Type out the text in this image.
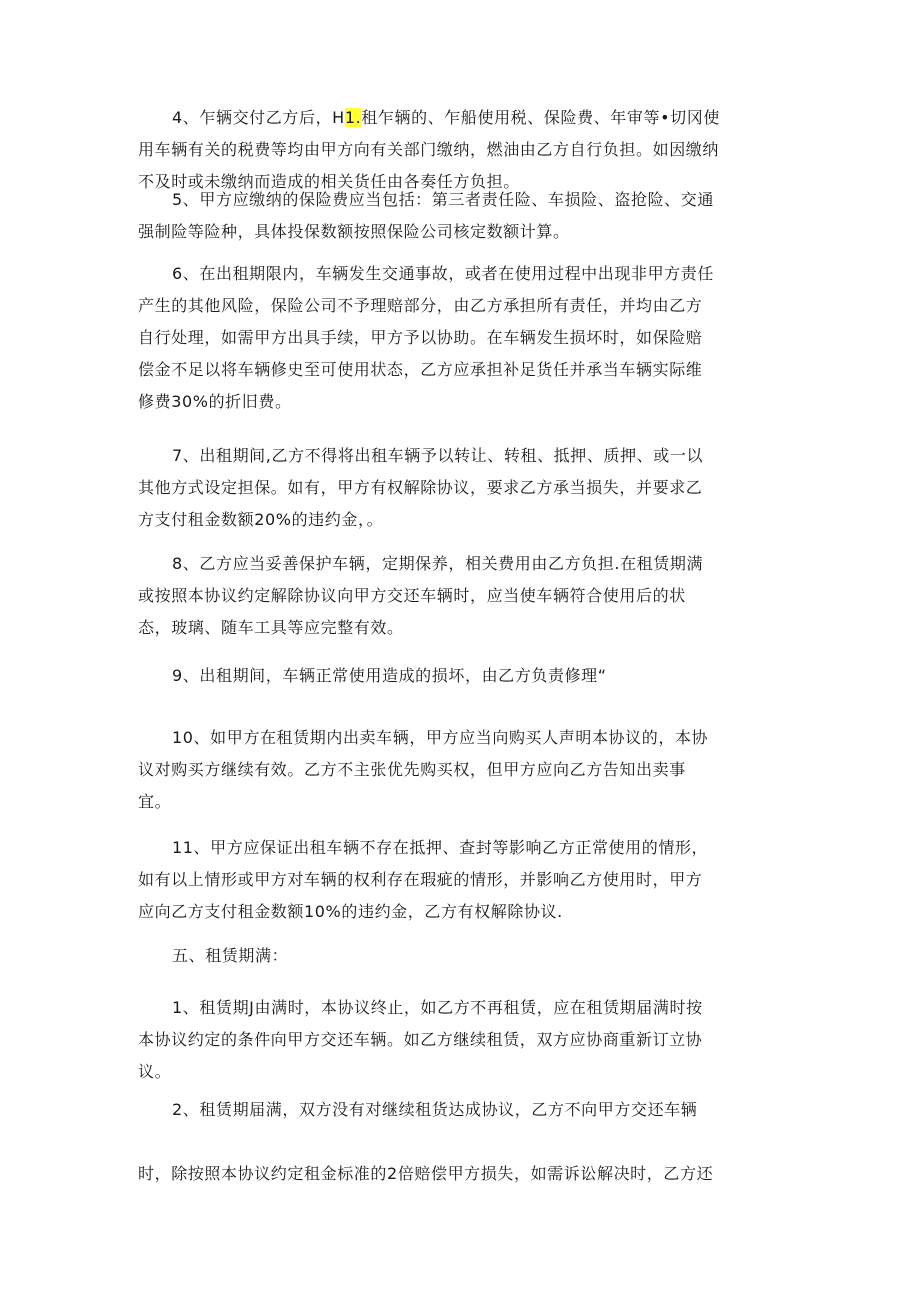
4、乍辆交付乙方后，H1.租乍辆的、乍船使用税、保险费、年审等•切冈使
用车辆有关的税费等均由甲方向有关部门缴纳，燃油由乙方自行负担。如因缴纳
不及时或未缴纳而造成的相关货任由各奏任方负担。
5、甲方应缴纳的保险费应当包括：第三者责任险、车损险、盗抢险、交通
强制险等险种，具体投保数额按照保险公司核定数额计算。
6、在出租期限内，车辆发生交通事故，或者在使用过程中出现非甲方责任
产生的其他风险，保险公司不予理赔部分，由乙方承担所有责任，并均由乙方
自行处理，如需甲方出具手续，甲方予以协助。在车辆发生损坏时，如保险赔
偿金不足以将车辆修史至可使用状态，乙方应承担补足货任并承当车辆实际维
修费30%的折旧费。
7、出租期间,乙方不得将出租车辆予以转让、转租、抵押、质押、或一以
其他方式设定担保。如有，甲方有权解除协议，要求乙方承当损失，并要求乙
方支付租金数额20%的违约金，。
8、乙方应当妥善保护车辆，定期保养，相关费用由乙方负担.在租赁期满
或按照本协议约定解除协议向甲方交还车辆时，应当使车辆符合使用后的状
态，玻璃、随车工具等应完整有效。
9、出租期间，车辆正常使用造成的损坏，由乙方负责修理“
10、如甲方在租赁期内出卖车辆，甲方应当向购买人声明本协议的，本协
议对购买方继续有效。乙方不主张优先购买权，但甲方应向乙方告知出卖事
宜。
11、甲方应保证出租车辆不存在抵押、查封等影响乙方正常使用的情形，
如有以上情形或甲方对车辆的权利存在瑕疵的情形，并影响乙方使用时，甲方
应向乙方支付租金数额10%的违约金，乙方有权解除协议.
五、租赁期满：
1、租赁期J由满时，本协议终止，如乙方不再租赁，应在租赁期届满时按
本协议约定的条件向甲方交还车辆。如乙方继续租赁，双方应协商重新订立协
议。
2、租赁期届满，双方没有对继续租货达成协议，乙方不向甲方交还车辆
时，除按照本协议约定租金标准的2倍赔偿甲方损失，如需诉讼解决时，乙方还
